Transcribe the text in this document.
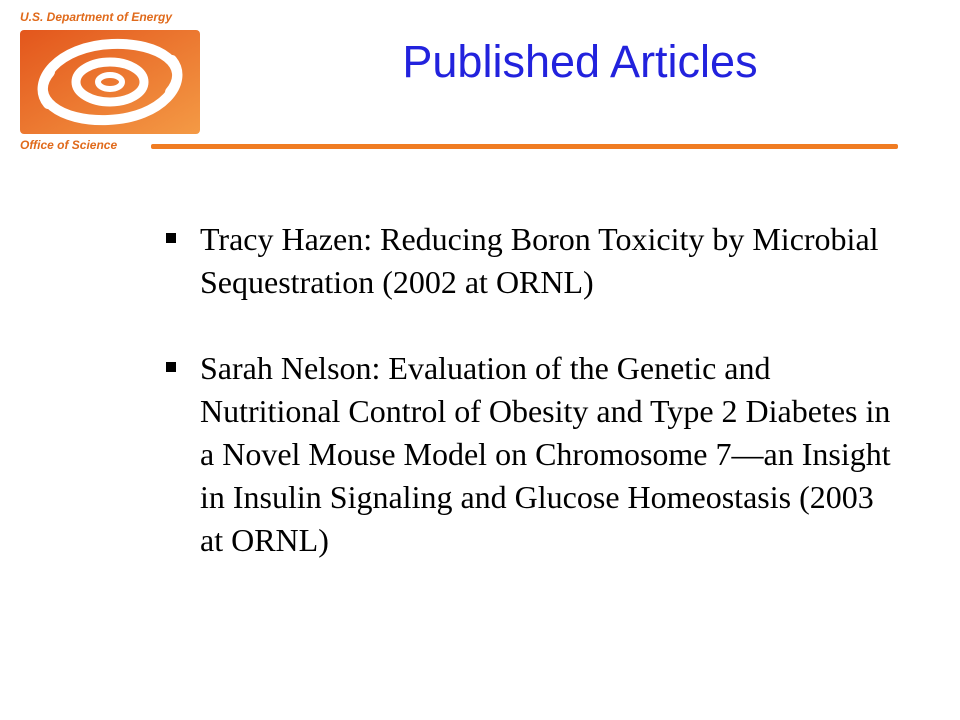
U.S. Department of Energy
Office of Science
Published Articles
Tracy Hazen: Reducing Boron Toxicity by Microbial Sequestration (2002 at ORNL)
Sarah Nelson: Evaluation of the Genetic and Nutritional Control of Obesity and Type 2 Diabetes in a Novel Mouse Model on Chromosome 7—an Insight in Insulin Signaling and Glucose Homeostasis (2003 at ORNL)
